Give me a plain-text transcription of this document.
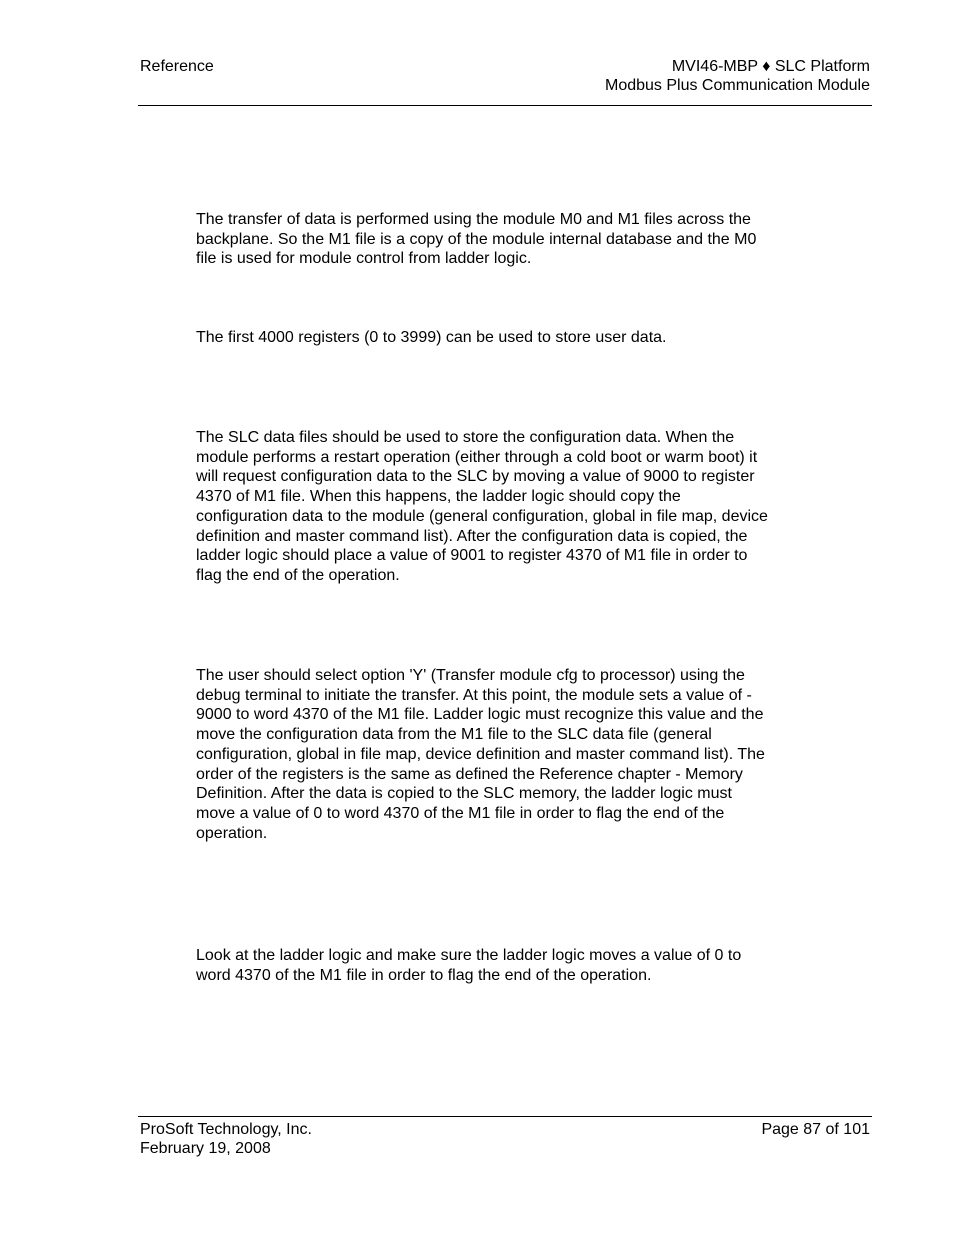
Reference	MVI46-MBP ♦ SLC Platform
Modbus Plus Communication Module
The transfer of data is performed using the module M0 and M1 files across the
backplane. So the M1 file is a copy of the module internal database and the M0
file is used for module control from ladder logic.
The first 4000 registers (0 to 3999) can be used to store user data.
The SLC data files should be used to store the configuration data. When the
module performs a restart operation (either through a cold boot or warm boot) it
will request configuration data to the SLC by moving a value of 9000 to register
4370 of M1 file. When this happens, the ladder logic should copy the
configuration data to the module (general configuration, global in file map, device
definition and master command list). After the configuration data is copied, the
ladder logic should place a value of 9001 to register 4370 of M1 file in order to
flag the end of the operation.
The user should select option 'Y' (Transfer module cfg to processor) using the
debug terminal to initiate the transfer. At this point, the module sets a value of -
9000 to word 4370 of the M1 file. Ladder logic must recognize this value and the
move the configuration data from the M1 file to the SLC data file (general
configuration, global in file map, device definition and master command list). The
order of the registers is the same as defined the Reference chapter - Memory
Definition. After the data is copied to the SLC memory, the ladder logic must
move a value of 0 to word 4370 of the M1 file in order to flag the end of the
operation.
Look at the ladder logic and make sure the ladder logic moves a value of 0 to
word 4370 of the M1 file in order to flag the end of the operation.
ProSoft Technology, Inc.
February 19, 2008
Page 87 of 101
